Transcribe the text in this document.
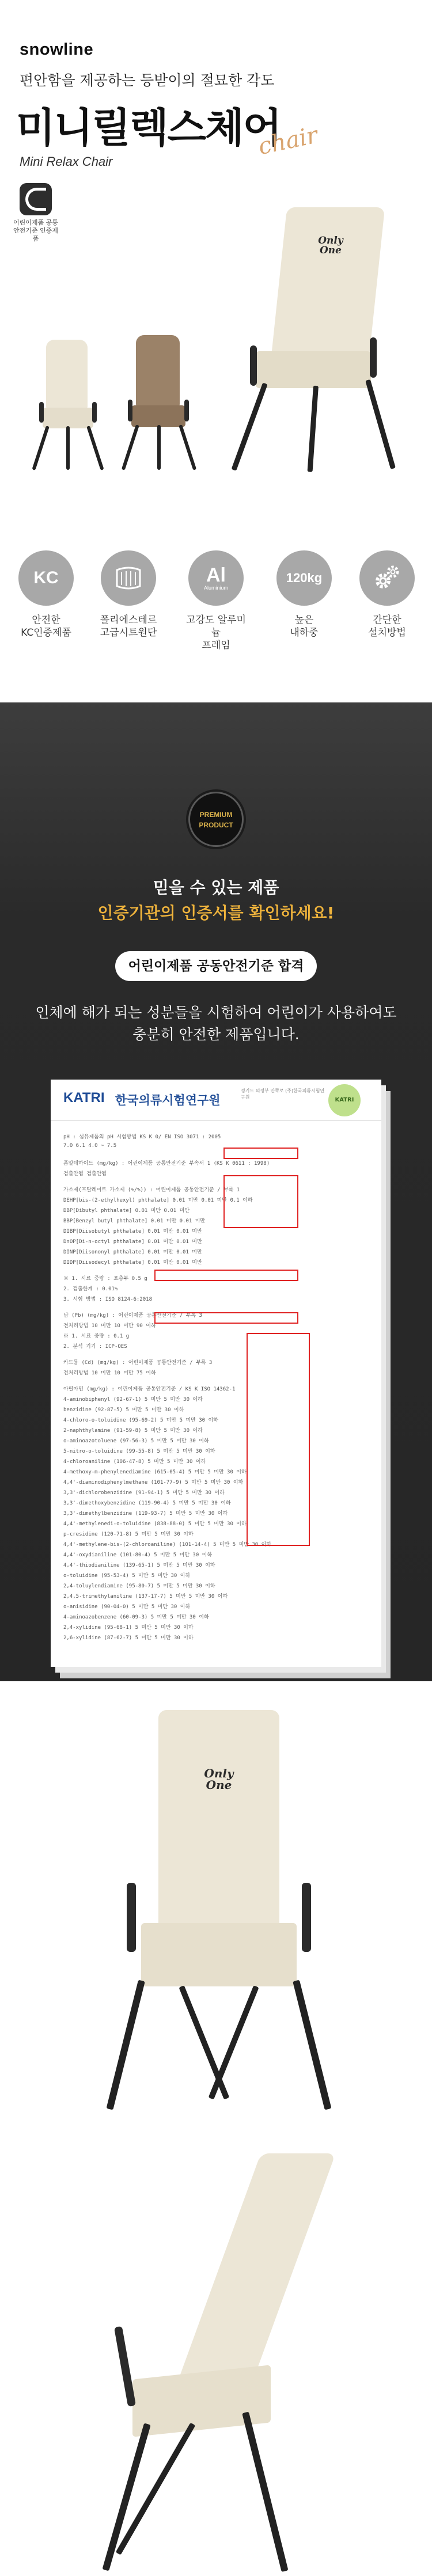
snowline
편안함을 제공하는 등받이의 절묘한 각도
미니릴렉스체어
chair
Mini Relax Chair
어린이제품 공통안전기준 인증제품	Only
One
KC
안전한
KC인증제품
폴리에스테르
고급시트원단
Al
Aluminium
고강도 알루미늄
프레임
120kg
높은
내하중
간단한
설치방법
PREMIUM
PRODUCT
믿을 수 있는 제품
인증기관의 인증서를 확인하세요!
어린이제품 공동안전기준 합격
인체에 해가 되는 성분들을 시험하여 어린이가 사용하여도
충분히 안전한 제품입니다.
KATRI 한국의류시험연구원
경기도 의정부 안쪽로 (주)한국의류시험연구원	KATRI
pH : 섬유제품의 pH 시험방법 KS K 0/ EN ISO 3071 : 2005
7.0 6.1 4.0 ~ 7.5
폼알데하이드 (mg/kg) : 어린이제품 공통안전기준 부속서 1 (KS K 0611 : 1998)
검출안됨 검출안됨
가소제(프탈레이트 가소제 (%/%)) : 어린이제품 공통안전기준 / 부록 1
DEHP[bis-(2-ethylhexyl) phthalate] 0.01 미만 0.01 미만 0.1 이하
DBP[Dibutyl phthalate] 0.01 미만 0.01 미만
BBP[Benzyl butyl phthalate] 0.01 미만 0.01 미만
DIBP[Diisobutyl phthalate] 0.01 미만 0.01 미만
DnOP[Di-n-octyl phthalate] 0.01 미만 0.01 미만
DINP[Diisononyl phthalate] 0.01 미만 0.01 미만
DIDP[Diisodecyl phthalate] 0.01 미만 0.01 미만
※ 1. 시료 중량 : 표층부 0.5 g
2. 검출한계 : 0.01%
3. 시험 방법 : ISO 8124-6:2018
납 (Pb) (mg/kg) : 어린이제품 공통안전기준 / 부록 3
전처리방법 10 미만 10 미만 90 이하
※ 1. 시료 중량 : 0.1 g
2. 분석 기기 : ICP-OES
카드뮴 (Cd) (mg/kg) : 어린이제품 공통안전기준 / 부록 3
전처리방법 10 미만 10 미만 75 이하
아릴아민 (mg/kg) : 어린이제품 공통안전기준 / KS K ISO 14362-1
4-aminobiphenyl (92-67-1) 5 미만 5 미만 30 이하
benzidine (92-87-5) 5 미만 5 미만 30 이하
4-chloro-o-toluidine (95-69-2) 5 미만 5 미만 30 이하
2-naphthylamine (91-59-8) 5 미만 5 미만 30 이하
o-aminoazotoluene (97-56-3) 5 미만 5 미만 30 이하
5-nitro-o-toluidine (99-55-8) 5 미만 5 미만 30 이하
4-chloroaniline (106-47-8) 5 미만 5 미만 30 이하
4-methoxy-m-phenylenediamine (615-05-4) 5 미만 5 미만 30 이하
4,4'-diaminodiphenylmethane (101-77-9) 5 미만 5 미만 30 이하
3,3'-dichlorobenzidine (91-94-1) 5 미만 5 미만 30 이하
3,3'-dimethoxybenzidine (119-90-4) 5 미만 5 미만 30 이하
3,3'-dimethylbenzidine (119-93-7) 5 미만 5 미만 30 이하
4,4'-methylenedi-o-toluidine (838-88-0) 5 미만 5 미만 30 이하
p-cresidine (120-71-8) 5 미만 5 미만 30 이하
4,4'-methylene-bis-(2-chloroaniline) (101-14-4) 5 미만 5 미만 30 이하
4,4'-oxydianiline (101-80-4) 5 미만 5 미만 30 이하
4,4'-thiodianiline (139-65-1) 5 미만 5 미만 30 이하
o-toluidine (95-53-4) 5 미만 5 미만 30 이하
2,4-toluylendiamine (95-80-7) 5 미만 5 미만 30 이하
2,4,5-trimethylaniline (137-17-7) 5 미만 5 미만 30 이하
o-anisidine (90-04-0) 5 미만 5 미만 30 이하
4-aminoazobenzene (60-09-3) 5 미만 5 미만 30 이하
2,4-xylidine (95-68-1) 5 미만 5 미만 30 이하
2,6-xylidine (87-62-7) 5 미만 5 미만 30 이하
Only
One
